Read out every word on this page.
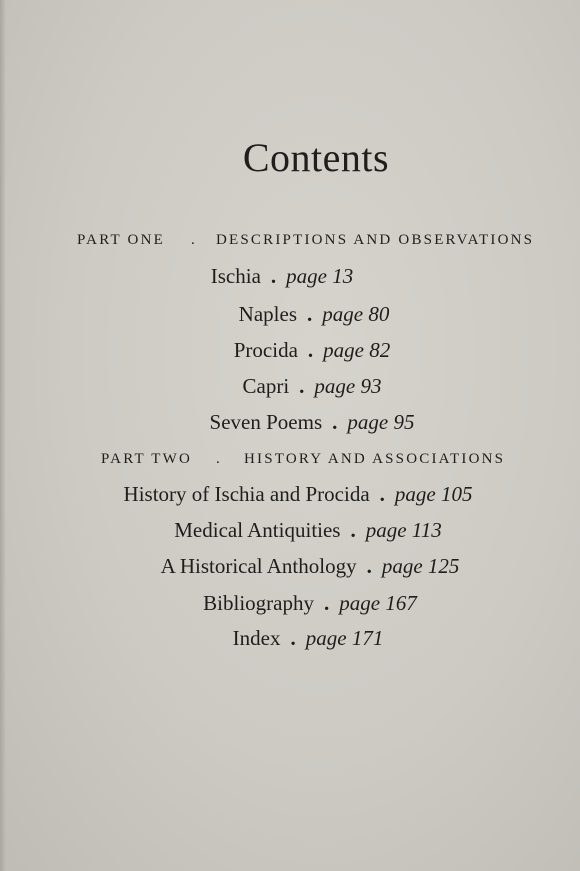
Contents
PART ONE . DESCRIPTIONS AND OBSERVATIONS
Ischia . page 13
Naples . page 80
Procida . page 82
Capri . page 93
Seven Poems . page 95
PART TWO . HISTORY AND ASSOCIATIONS
History of Ischia and Procida . page 105
Medical Antiquities . page 113
A Historical Anthology . page 125
Bibliography . page 167
Index . page 171
